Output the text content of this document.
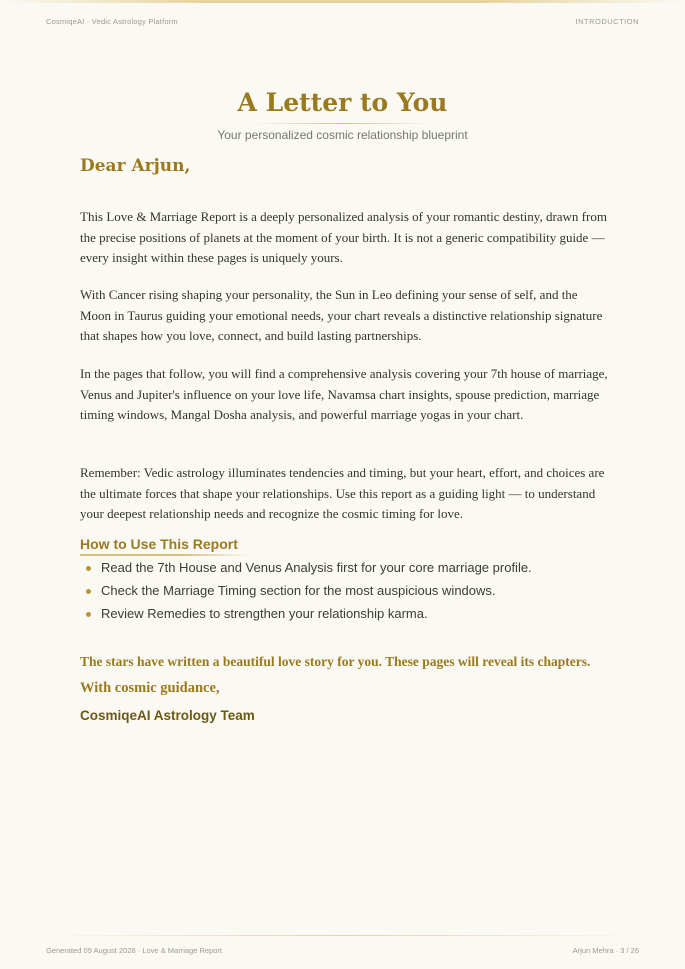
CosmiqeAI · Vedic Astrology Platform	INTRODUCTION
A Letter to You
Your personalized cosmic relationship blueprint
Dear Arjun,

This Love & Marriage Report is a deeply personalized analysis of your romantic destiny, drawn from the precise positions of planets at the moment of your birth. It is not a generic compatibility guide — every insight within these pages is uniquely yours.

With Cancer rising shaping your personality, the Sun in Leo defining your sense of self, and the Moon in Taurus guiding your emotional needs, your chart reveals a distinctive relationship signature that shapes how you love, connect, and build lasting partnerships.

In the pages that follow, you will find a comprehensive analysis covering your 7th house of marriage, Venus and Jupiter's influence on your love life, Navamsa chart insights, spouse prediction, marriage timing windows, Mangal Dosha analysis, and powerful marriage yogas in your chart.

Remember: Vedic astrology illuminates tendencies and timing, but your heart, effort, and choices are the ultimate forces that shape your relationships. Use this report as a guiding light — to understand your deepest relationship needs and recognize the cosmic timing for love.

How to Use This Report
Read the 7th House and Venus Analysis first for your core marriage profile.
Check the Marriage Timing section for the most auspicious windows.
Review Remedies to strengthen your relationship karma.
The stars have written a beautiful love story for you. These pages will reveal its chapters.
With cosmic guidance,
CosmiqeAI Astrology Team
Generated 09 August 2026 · Love & Marriage Report	Arjun Mehra · 3 / 26
